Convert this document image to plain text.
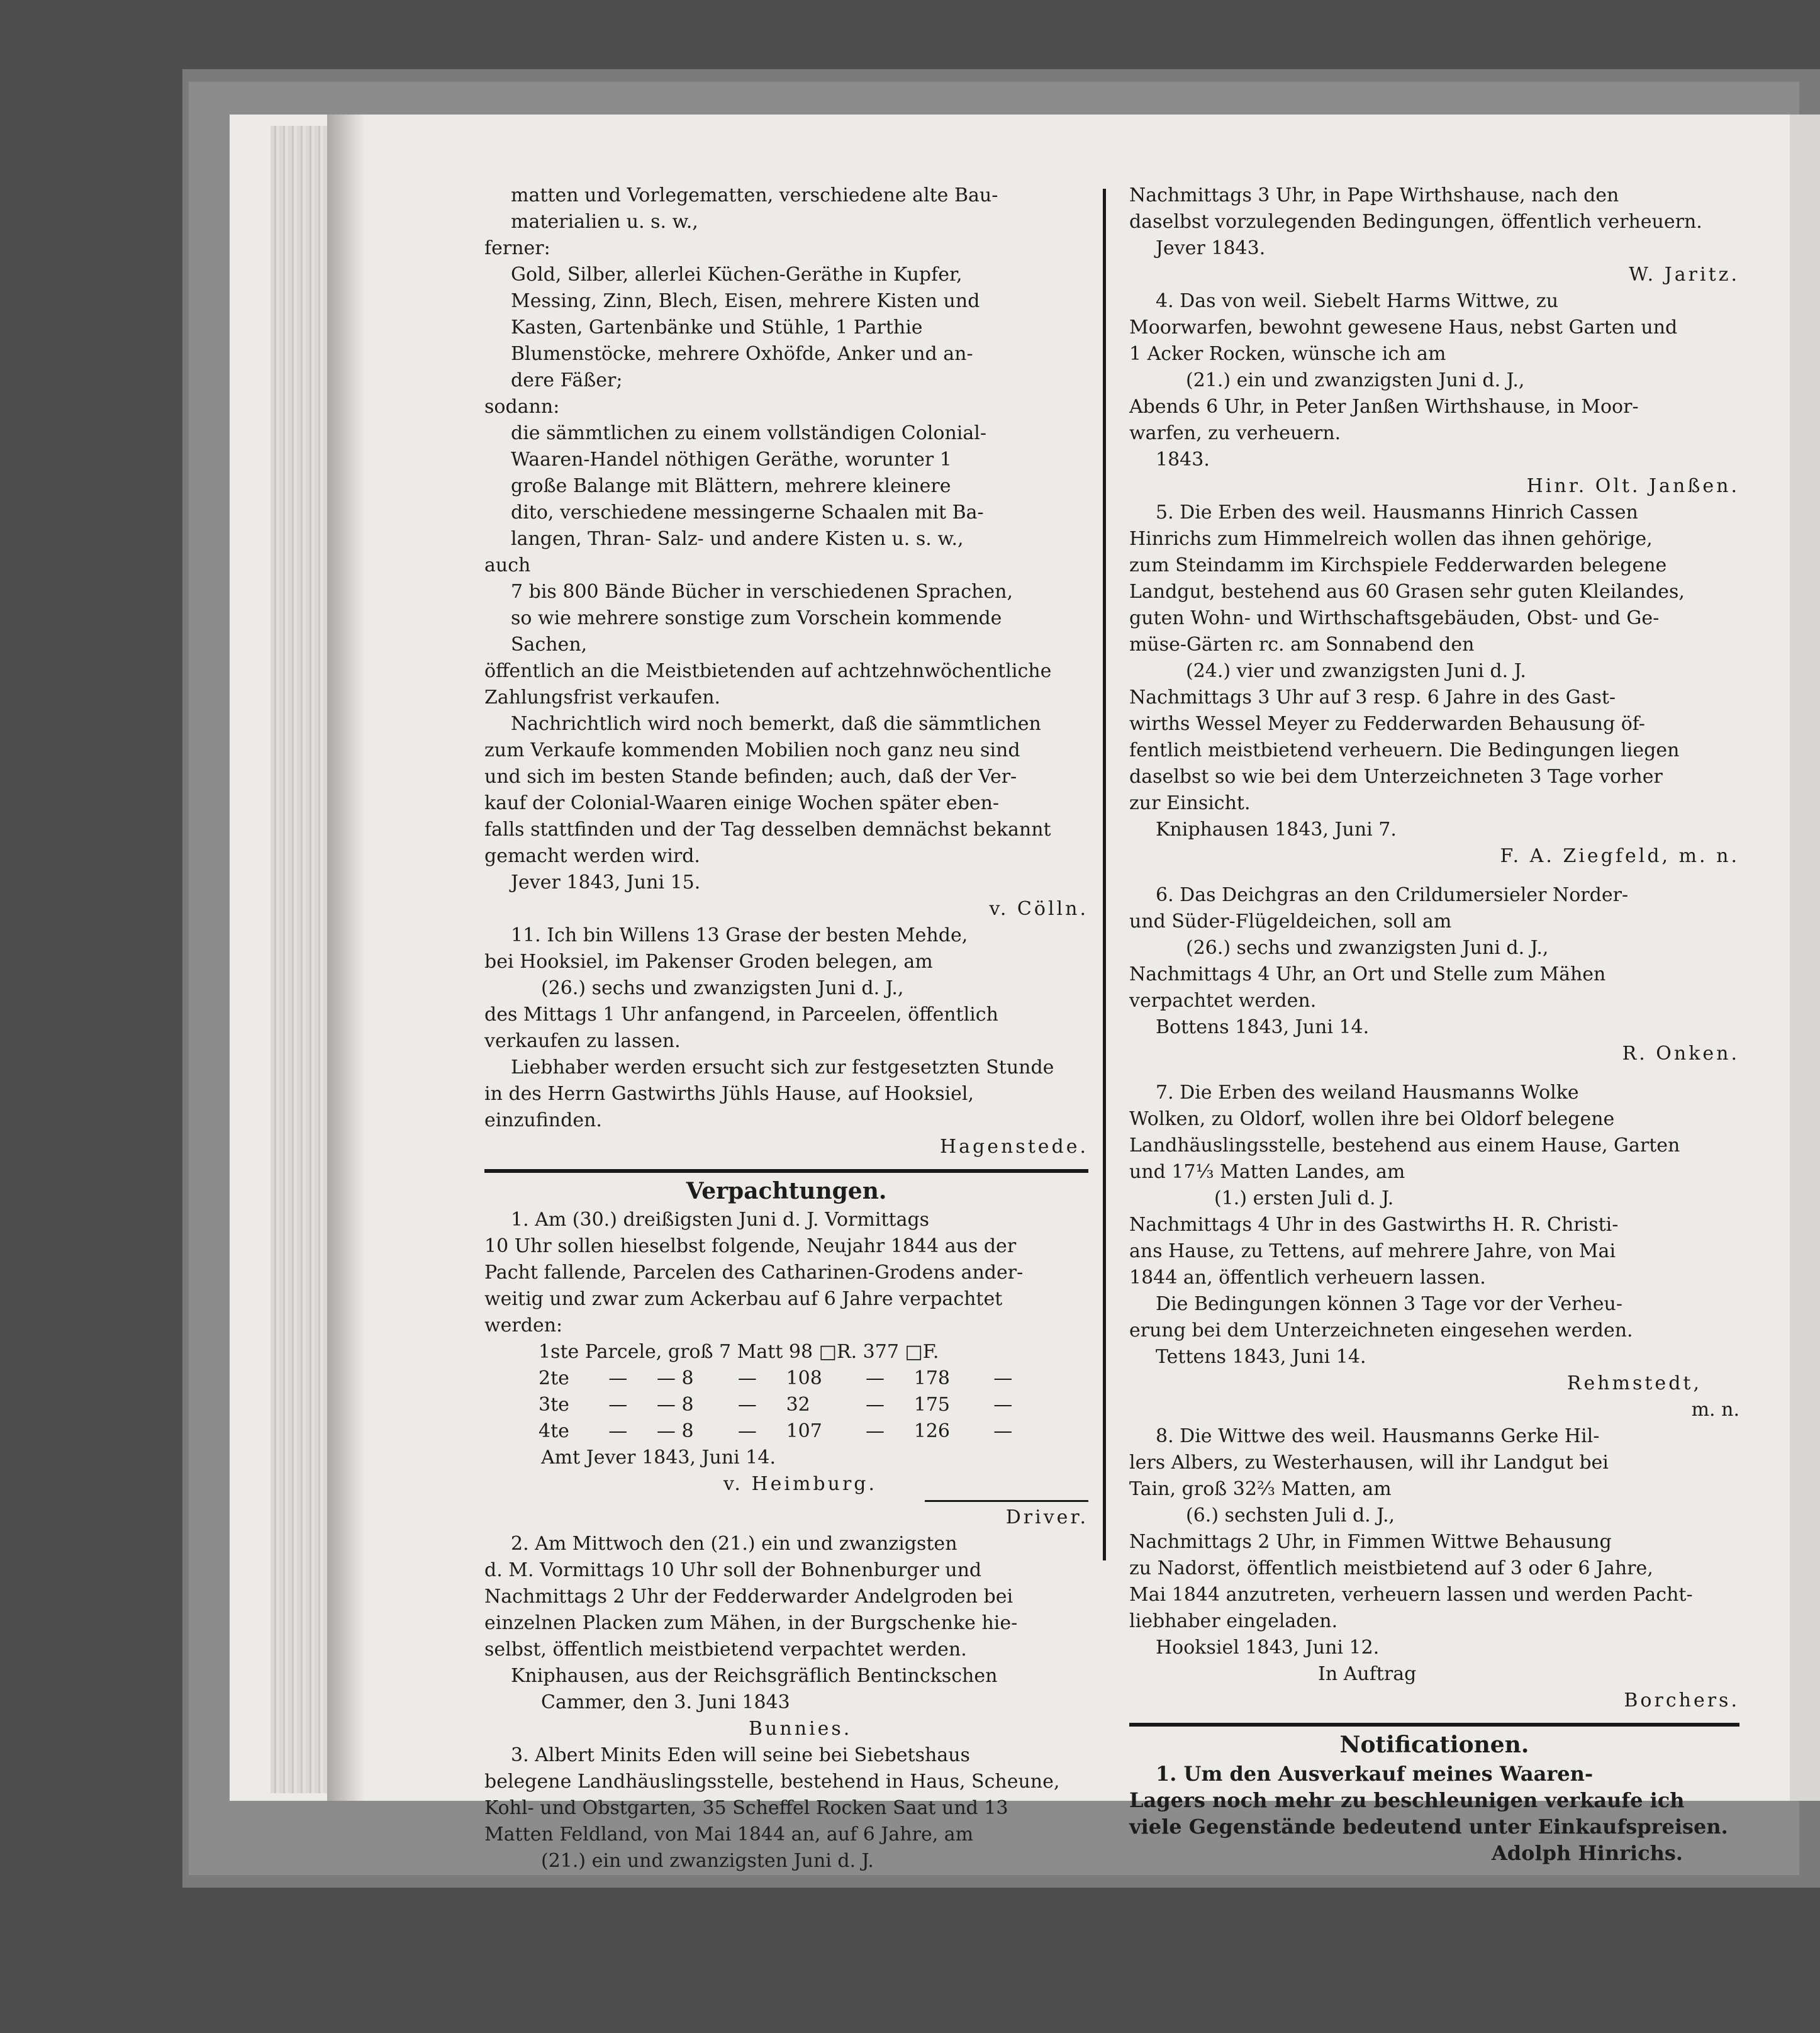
matten und Vorlegematten, verschiedene alte Bau-

materialien u. s. w.,

ferner:

Gold, Silber, allerlei Küchen-Geräthe in Kupfer,

Messing, Zinn, Blech, Eisen, mehrere Kisten und

Kasten, Gartenbänke und Stühle, 1 Parthie

Blumenstöcke, mehrere Oxhöfde, Anker und an-

dere Fäßer;

sodann:

die sämmtlichen zu einem vollständigen Colonial-

Waaren-Handel nöthigen Geräthe, worunter 1

große Balange mit Blättern, mehrere kleinere

dito, verschiedene messingerne Schaalen mit Ba-

langen, Thran- Salz- und andere Kisten u. s. w.,

auch

7 bis 800 Bände Bücher in verschiedenen Sprachen,

so wie mehrere sonstige zum Vorschein kommende

Sachen,

öffentlich an die Meistbietenden auf achtzehnwöchentliche

Zahlungsfrist verkaufen.

Nachrichtlich wird noch bemerkt, daß die sämmtlichen

zum Verkaufe kommenden Mobilien noch ganz neu sind

und sich im besten Stande befinden; auch, daß der Ver-

kauf der Colonial-Waaren einige Wochen später eben-

falls stattfinden und der Tag desselben demnächst bekannt

gemacht werden wird.

Jever 1843, Juni 15.

v. Cölln.

11. Ich bin Willens 13 Grase der besten Mehde,

bei Hooksiel, im Pakenser Groden belegen, am

(26.) sechs und zwanzigsten Juni d. J.,

des Mittags 1 Uhr anfangend, in Parceelen, öffentlich

verkaufen zu lassen.

Liebhaber werden ersucht sich zur festgesetzten Stunde

in des Herrn Gastwirths Jühls Hause, auf Hooksiel,

einzufinden.

Hagenstede.

Verpachtungen.

1. Am (30.) dreißigsten Juni d. J. Vormittags

10 Uhr sollen hieselbst folgende, Neujahr 1844 aus der

Pacht fallende, Parcelen des Catharinen-Grodens ander-

weitig und zwar zum Ackerbau auf 6 Jahre verpachtet

werden:

1ste Parcele, groß 7 Matt 98 □R. 377 □F.							
2te	—	— 8	—	108	—	178	—
3te	—	— 8	—	32	—	175	—
4te	—	— 8	—	107	—	126	—

Amt Jever 1843, Juni 14.

v. Heimburg.

Driver.

2. Am Mittwoch den (21.) ein und zwanzigsten

d. M. Vormittags 10 Uhr soll der Bohnenburger und

Nachmittags 2 Uhr der Fedderwarder Andelgroden bei

einzelnen Placken zum Mähen, in der Burgschenke hie-

selbst, öffentlich meistbietend verpachtet werden.

Kniphausen, aus der Reichsgräflich Bentinckschen

Cammer, den 3. Juni 1843

Bunnies.

3. Albert Minits Eden will seine bei Siebetshaus

belegene Landhäuslingsstelle, bestehend in Haus, Scheune,

Kohl- und Obstgarten, 35 Scheffel Rocken Saat und 13

Matten Feldland, von Mai 1844 an, auf 6 Jahre, am

(21.) ein und zwanzigsten Juni d. J.

Nachmittags 3 Uhr, in Pape Wirthshause, nach den

daselbst vorzulegenden Bedingungen, öffentlich verheuern.

Jever 1843.

W. Jaritz.

4. Das von weil. Siebelt Harms Wittwe, zu

Moorwarfen, bewohnt gewesene Haus, nebst Garten und

1 Acker Rocken, wünsche ich am

(21.) ein und zwanzigsten Juni d. J.,

Abends 6 Uhr, in Peter Janßen Wirthshause, in Moor-

warfen, zu verheuern.

1843.

Hinr. Olt. Janßen.

5. Die Erben des weil. Hausmanns Hinrich Cassen

Hinrichs zum Himmelreich wollen das ihnen gehörige,

zum Steindamm im Kirchspiele Fedderwarden belegene

Landgut, bestehend aus 60 Grasen sehr guten Kleilandes,

guten Wohn- und Wirthschaftsgebäuden, Obst- und Ge-

müse-Gärten rc. am Sonnabend den

(24.) vier und zwanzigsten Juni d. J.

Nachmittags 3 Uhr auf 3 resp. 6 Jahre in des Gast-

wirths Wessel Meyer zu Fedderwarden Behausung öf-

fentlich meistbietend verheuern. Die Bedingungen liegen

daselbst so wie bei dem Unterzeichneten 3 Tage vorher

zur Einsicht.

Kniphausen 1843, Juni 7.

F. A. Ziegfeld, m. n.

6. Das Deichgras an den Crildumersieler Norder-

und Süder-Flügeldeichen, soll am

(26.) sechs und zwanzigsten Juni d. J.,

Nachmittags 4 Uhr, an Ort und Stelle zum Mähen

verpachtet werden.

Bottens 1843, Juni 14.

R. Onken.

7. Die Erben des weiland Hausmanns Wolke

Wolken, zu Oldorf, wollen ihre bei Oldorf belegene

Landhäuslingsstelle, bestehend aus einem Hause, Garten

und 17⅓ Matten Landes, am

(1.) ersten Juli d. J.

Nachmittags 4 Uhr in des Gastwirths H. R. Christi-

ans Hause, zu Tettens, auf mehrere Jahre, von Mai

1844 an, öffentlich verheuern lassen.

Die Bedingungen können 3 Tage vor der Verheu-

erung bei dem Unterzeichneten eingesehen werden.

Tettens 1843, Juni 14.

Rehmstedt,

m. n.

8. Die Wittwe des weil. Hausmanns Gerke Hil-

lers Albers, zu Westerhausen, will ihr Landgut bei

Tain, groß 32⅔ Matten, am

(6.) sechsten Juli d. J.,

Nachmittags 2 Uhr, in Fimmen Wittwe Behausung

zu Nadorst, öffentlich meistbietend auf 3 oder 6 Jahre,

Mai 1844 anzutreten, verheuern lassen und werden Pacht-

liebhaber eingeladen.

Hooksiel 1843, Juni 12.

In Auftrag

Borchers.

Notificationen.

1. Um den Ausverkauf meines Waaren-

Lagers noch mehr zu beschleunigen verkaufe ich

viele Gegenstände bedeutend unter Einkaufspreisen.

Adolph Hinrichs.
